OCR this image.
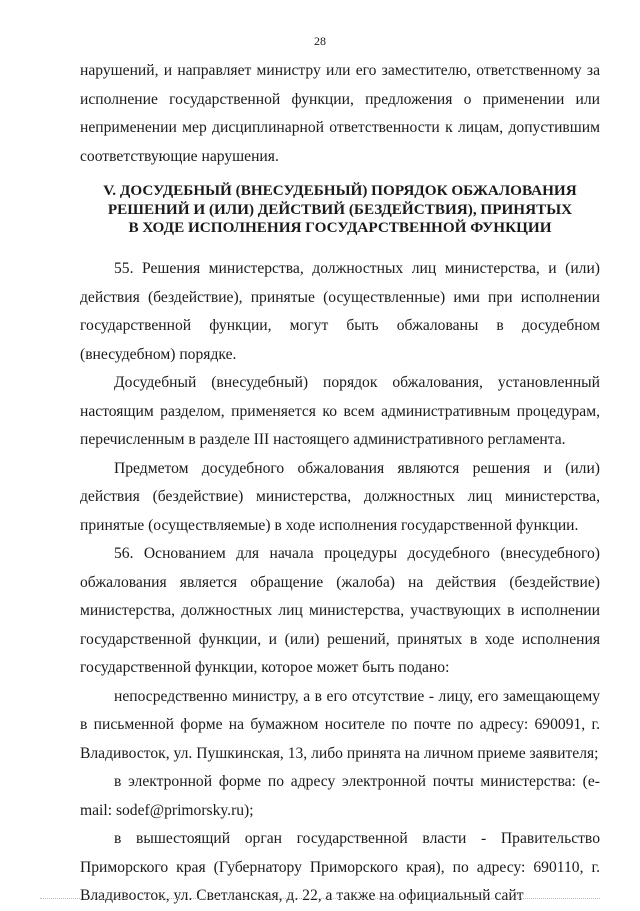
28

нарушений, и направляет министру или его заместителю, ответственному за исполнение государственной функции, предложения о применении или неприменении мер дисциплинарной ответственности к лицам, допустившим соответствующие нарушения.

V. ДОСУДЕБНЫЙ (ВНЕСУДЕБНЫЙ) ПОРЯДОК ОБЖАЛОВАНИЯ
РЕШЕНИЙ И (ИЛИ) ДЕЙСТВИЙ (БЕЗДЕЙСТВИЯ), ПРИНЯТЫХ
В ХОДЕ ИСПОЛНЕНИЯ ГОСУДАРСТВЕННОЙ ФУНКЦИИ

55. Решения министерства, должностных лиц министерства, и (или) действия (бездействие), принятые (осуществленные) ими при исполнении государственной функции, могут быть обжалованы в досудебном (внесудебном) порядке.

Досудебный (внесудебный) порядок обжалования, установленный настоящим разделом, применяется ко всем административным процедурам, перечисленным в разделе III настоящего административного регламента.

Предметом досудебного обжалования являются решения и (или) действия (бездействие) министерства, должностных лиц министерства, принятые (осуществляемые) в ходе исполнения государственной функции.

56. Основанием для начала процедуры досудебного (внесудебного) обжалования является обращение (жалоба) на действия (бездействие) министерства, должностных лиц министерства, участвующих в исполнении государственной функции, и (или) решений, принятых в ходе исполнения государственной функции, которое может быть подано:

непосредственно министру, а в его отсутствие - лицу, его замещающему в письменной форме на бумажном носителе по почте по адресу: 690091, г. Владивосток, ул. Пушкинская, 13, либо принята на личном приеме заявителя;

в электронной форме по адресу электронной почты министерства: (e-mail: sodef@primorsky.ru);

в вышестоящий орган государственной власти - Правительство Приморского края (Губернатору Приморского края), по адресу: 690110, г. Владивосток, ул. Светланская, д. 22, а также на официальный сайт
